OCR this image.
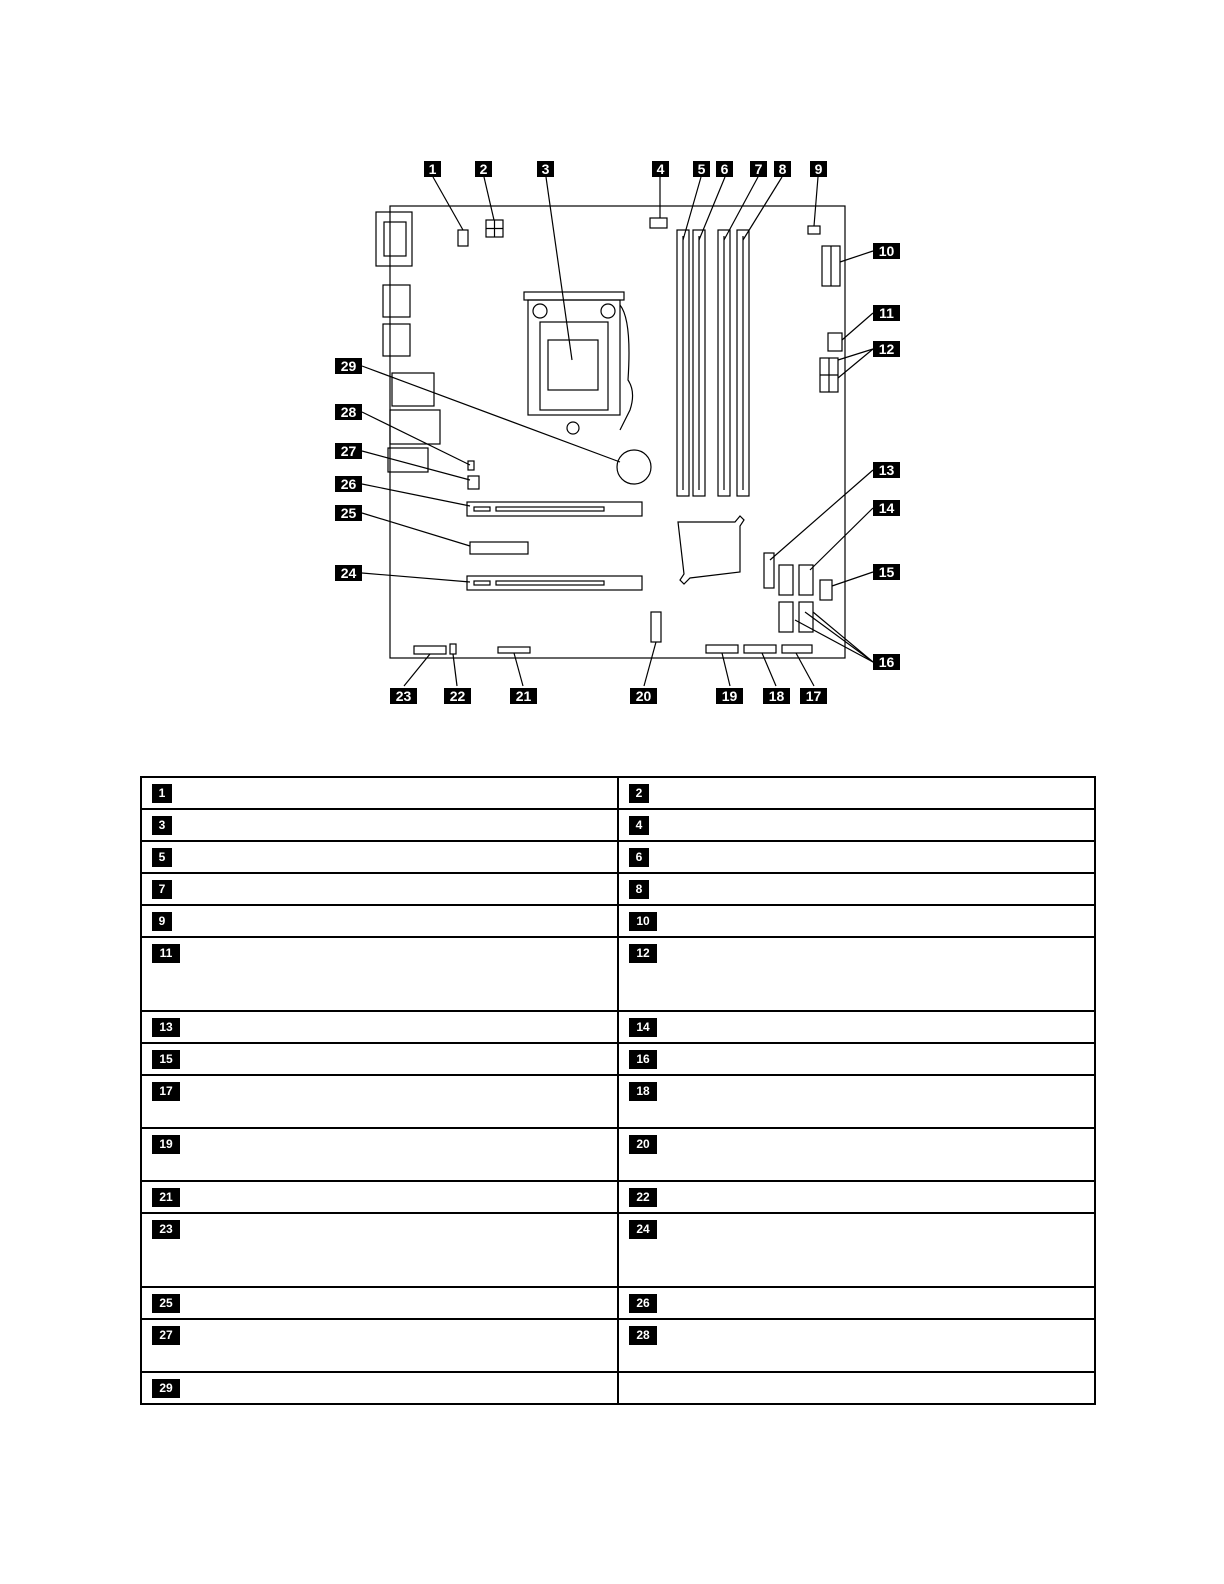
1	2	3	4 5 6 7 8 9
10
11
12
13
14
15
16
17
18
19
20
21
22
23
24
25
26
27
28
29
1	2
3	4
5	6
7	8
9	10
11	12
13	14
15	16
17	18
19	20
21	22
23	24
25	26
27	28
29	
